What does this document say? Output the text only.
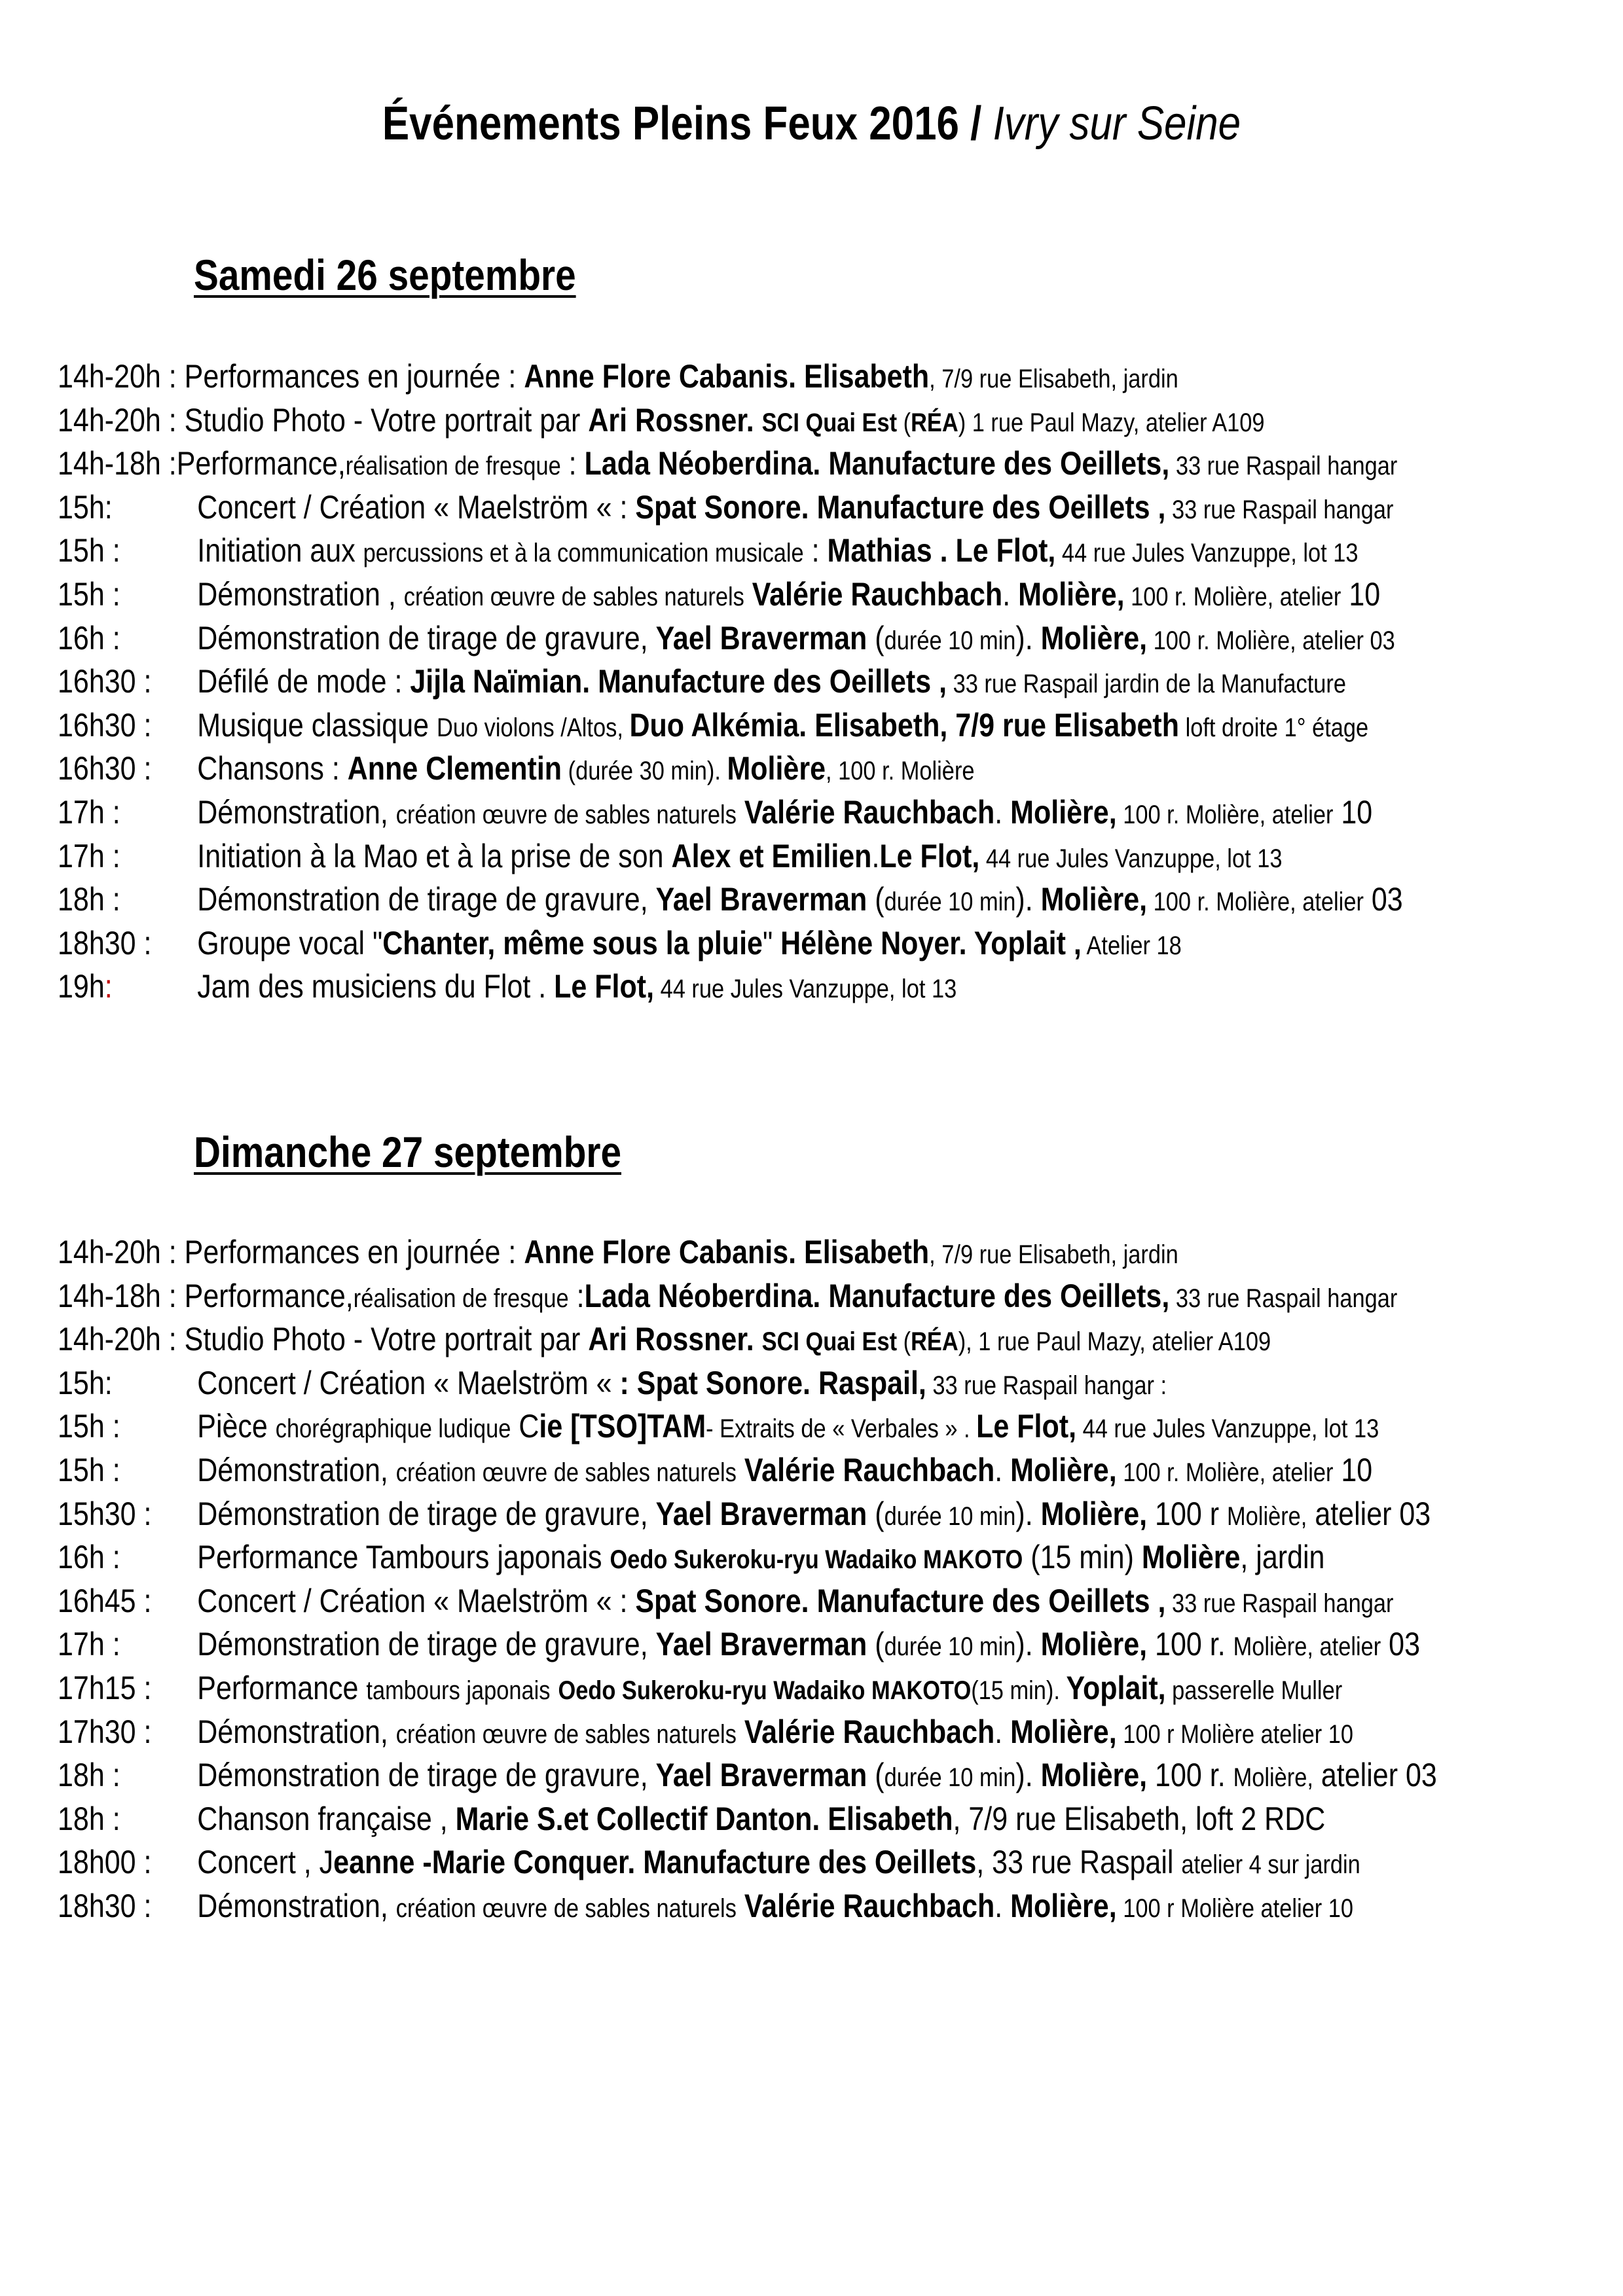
Événements Pleins Feux 2016 / Ivry sur Seine
Samedi 26 septembre
14h-20h : Performances en journée : Anne Flore Cabanis. Elisabeth, 7/9 rue Elisabeth, jardin
14h-20h : Studio Photo - Votre portrait par Ari Rossner. SCI Quai Est (RÉA) 1 rue Paul Mazy, atelier A109
14h-18h :Performance,réalisation de fresque : Lada Néoberdina. Manufacture des Oeillets, 33 rue Raspail hangar
15h:	Concert / Création « Maelström « : Spat Sonore. Manufacture des Oeillets , 33 rue Raspail hangar
15h : Initiation aux percussions et à la communication musicale : Mathias . Le Flot, 44 rue Jules Vanzuppe, lot 13
15h : Démonstration , création œuvre de sables naturels Valérie Rauchbach. Molière, 100 r. Molière, atelier 10
16h : Démonstration de tirage de gravure, Yael Braverman (durée 10 min). Molière, 100 r. Molière, atelier 03
16h30 : Défilé de mode : Jijla Naïmian. Manufacture des Oeillets , 33 rue Raspail jardin de la Manufacture
16h30 : Musique classique Duo violons /Altos, Duo Alkémia. Elisabeth, 7/9 rue Elisabeth loft droite 1° étage
16h30 : Chansons : Anne Clementin (durée 30 min). Molière, 100 r. Molière
17h : Démonstration, création œuvre de sables naturels Valérie Rauchbach. Molière, 100 r. Molière, atelier 10
17h : Initiation à la Mao et à la prise de son Alex et Emilien.Le Flot, 44 rue Jules Vanzuppe, lot 13
18h : Démonstration de tirage de gravure, Yael Braverman (durée 10 min). Molière, 100 r. Molière, atelier 03
18h30 : Groupe vocal "Chanter, même sous la pluie" Hélène Noyer. Yoplait , Atelier 18
19h:	Jam des musiciens du Flot . Le Flot, 44 rue Jules Vanzuppe, lot 13
Dimanche 27 septembre
14h-20h : Performances en journée : Anne Flore Cabanis. Elisabeth, 7/9 rue Elisabeth, jardin
14h-18h : Performance,réalisation de fresque :Lada Néoberdina. Manufacture des Oeillets, 33 rue Raspail hangar
14h-20h : Studio Photo - Votre portrait par Ari Rossner. SCI Quai Est (RÉA), 1 rue Paul Mazy, atelier A109
15h:	Concert / Création « Maelström « : Spat Sonore. Raspail, 33 rue Raspail hangar :
15h : Pièce chorégraphique ludique Cie [TSO]TAM- Extraits de « Verbales » . Le Flot, 44 rue Jules Vanzuppe, lot 13
15h : Démonstration, création œuvre de sables naturels Valérie Rauchbach. Molière, 100 r. Molière, atelier 10
15h30 : Démonstration de tirage de gravure, Yael Braverman (durée 10 min). Molière, 100 r Molière, atelier 03
16h : Performance Tambours japonais Oedo Sukeroku-ryu Wadaiko MAKOTO (15 min) Molière, jardin
16h45 : Concert / Création « Maelström « : Spat Sonore. Manufacture des Oeillets , 33 rue Raspail hangar
17h : Démonstration de tirage de gravure, Yael Braverman (durée 10 min). Molière, 100 r. Molière, atelier 03
17h15 : Performance tambours japonais Oedo Sukeroku-ryu Wadaiko MAKOTO(15 min). Yoplait, passerelle Muller
17h30 : Démonstration, création œuvre de sables naturels Valérie Rauchbach. Molière, 100 r Molière atelier 10
18h : Démonstration de tirage de gravure, Yael Braverman (durée 10 min). Molière, 100 r. Molière, atelier 03
18h : Chanson française , Marie S.et Collectif Danton. Elisabeth, 7/9 rue Elisabeth, loft 2 RDC
18h00 : Concert , Jeanne -Marie Conquer. Manufacture des Oeillets, 33 rue Raspail atelier 4 sur jardin
18h30 : Démonstration, création œuvre de sables naturels Valérie Rauchbach. Molière, 100 r Molière atelier 10
